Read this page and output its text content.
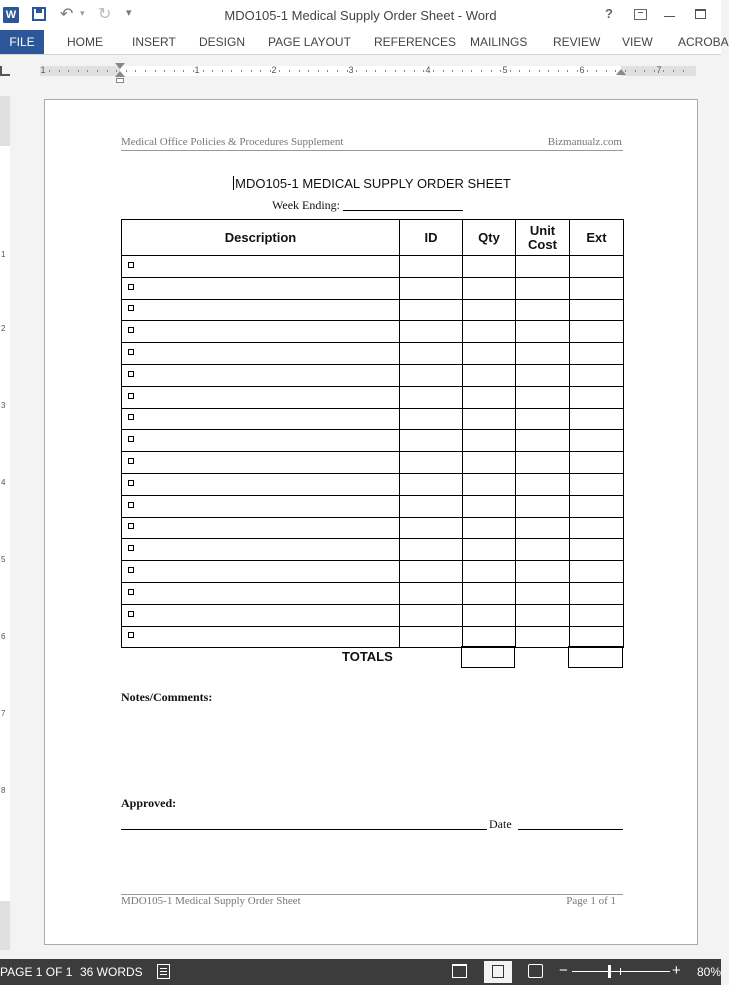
W	↶ ▾ ↻ ▾	MDO105-1 Medical Supply Order Sheet - Word	?
FILE	HOME INSERT DESIGN PAGE LAYOUT REFERENCES MAILINGS REVIEW VIEW ACROBA
1	1	2	3	4	5	6	7
1
2
3
4
5
6
7
8
Medical Office Policies & Procedures Supplement	Bizmanualz.com
MDO105-1 MEDICAL SUPPLY ORDER SHEET
Week Ending:
Description	ID	Qty	Unit Cost	Ext

TOTALS
Notes/Comments:
Approved:
Date
MDO105-1 Medical Supply Order Sheet	Page 1 of 1
PAGE 1 OF 1 36 WORDS	−	+ 80%
